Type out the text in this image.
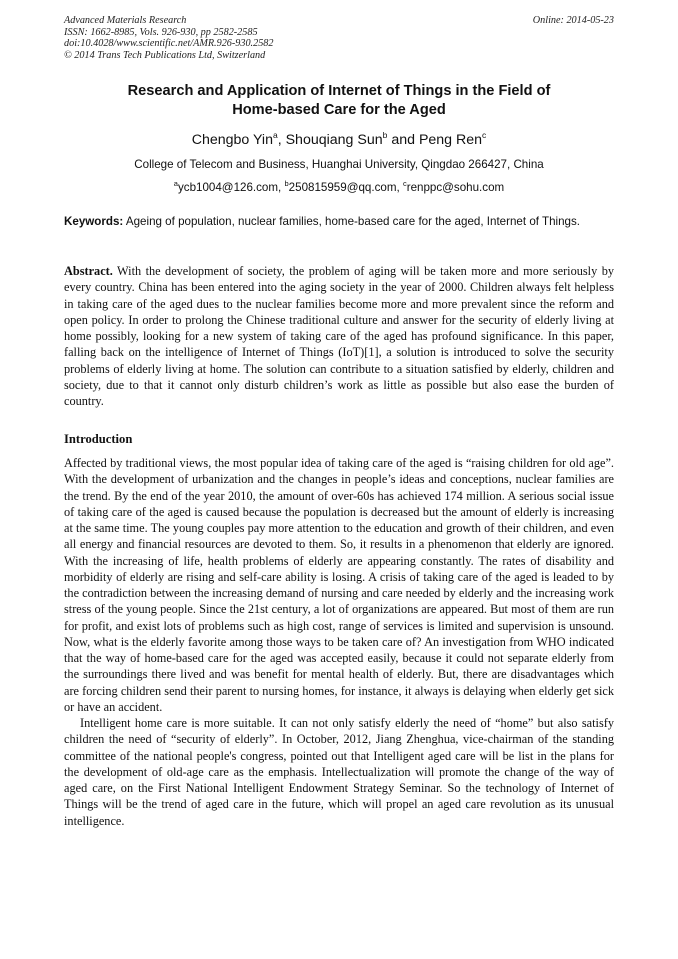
Advanced Materials Research
ISSN: 1662-8985, Vols. 926-930, pp 2582-2585
doi:10.4028/www.scientific.net/AMR.926-930.2582
© 2014 Trans Tech Publications Ltd, Switzerland
Online: 2014-05-23
Research and Application of Internet of Things in the Field of
Home-based Care for the Aged
Chengbo Yin$^a$, Shouqiang Sun$^b$ and Peng Ren$^c$
College of Telecom and Business, Huanghai University, Qingdao 266427, China
$^a$ycb1004@126.com, $^b$250815959@qq.com, $^c$renppc@sohu.com
Keywords: Ageing of population, nuclear families, home-based care for the aged, Internet of Things.
Abstract. With the development of society, the problem of aging will be taken more and more seriously by every country. China has been entered into the aging society in the year of 2000. Children always felt helpless in taking care of the aged dues to the nuclear families become more and more prevalent since the reform and open policy. In order to prolong the Chinese traditional culture and answer for the security of elderly living at home possibly, looking for a new system of taking care of the aged has profound significance. In this paper, falling back on the intelligence of Internet of Things (IoT)[1], a solution is introduced to solve the security problems of elderly living at home. The solution can contribute to a situation satisfied by elderly, children and society, due to that it cannot only disturb children’s work as little as possible but also ease the burden of country.
Introduction

Affected by traditional views, the most popular idea of taking care of the aged is “raising children for old age”. With the development of urbanization and the changes in people’s ideas and conceptions, nuclear families are the trend. By the end of the year 2010, the amount of over-60s has achieved 174 million. A serious social issue of taking care of the aged is caused because the population is decreased but the amount of elderly is increasing at the same time. The young couples pay more attention to the education and growth of their children, and even all energy and financial resources are devoted to them. So, it results in a phenomenon that elderly are ignored. With the increasing of life, health problems of elderly are appearing constantly. The rates of disability and morbidity of elderly are rising and self-care ability is losing. A crisis of taking care of the aged is leaded to by the contradiction between the increasing demand of nursing and care needed by elderly and the increasing work stress of the young people. Since the 21st century, a lot of organizations are appeared. But most of them are run for profit, and exist lots of problems such as high cost, range of services is limited and supervision is unsound. Now, what is the elderly favorite among those ways to be taken care of? An investigation from WHO indicated that the way of home-based care for the aged was accepted easily, because it could not separate elderly from the surroundings there lived and was benefit for mental health of elderly. But, there are disadvantages which are forcing children send their parent to nursing homes, for instance, it always is delaying when elderly get sick or have an accident.

Intelligent home care is more suitable. It can not only satisfy elderly the need of “home” but also satisfy children the need of “security of elderly”. In October, 2012, Jiang Zhenghua, vice-chairman of the standing committee of the national people's congress, pointed out that Intelligent aged care will be list in the plans for the development of old-age care as the emphasis. Intellectualization will promote the change of the way of aged care, on the First National Intelligent Endowment Strategy Seminar. So the technology of Internet of Things will be the trend of aged care in the future, which will propel an aged care revolution as its unusual intelligence.
